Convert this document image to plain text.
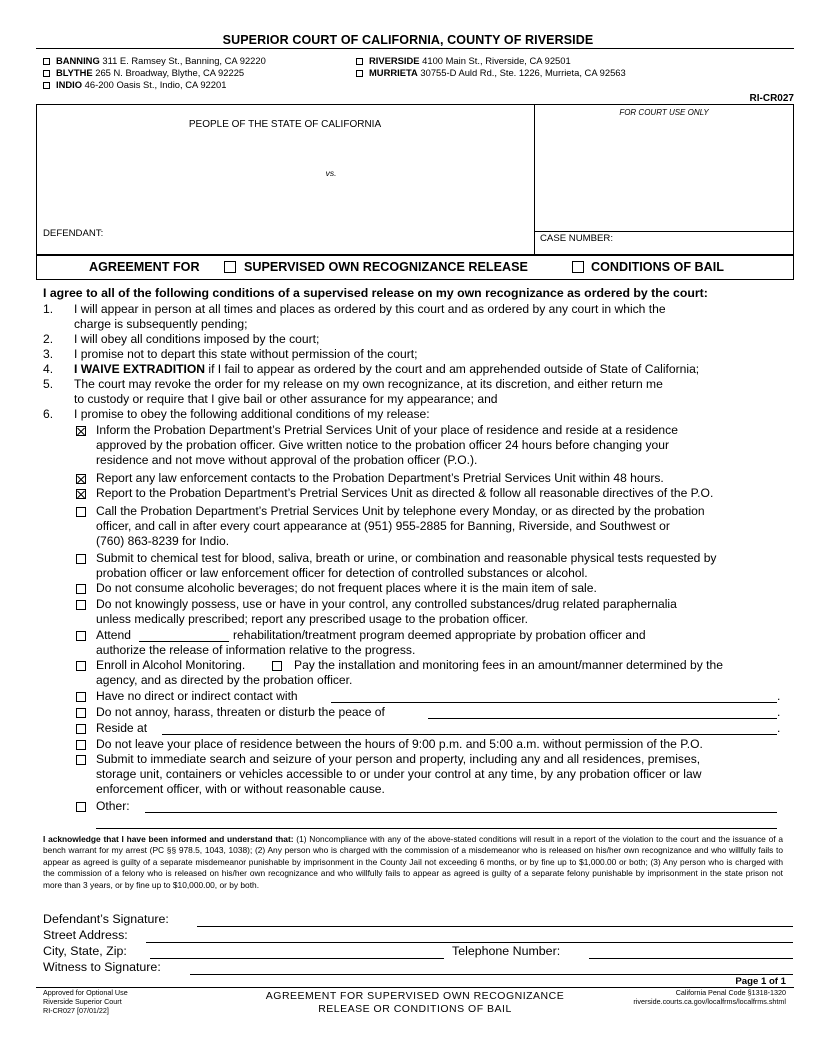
SUPERIOR COURT OF CALIFORNIA, COUNTY OF RIVERSIDE
BANNING 311 E. Ramsey St., Banning, CA 92220
BLYTHE 265 N. Broadway, Blythe, CA 92225
INDIO 46-200 Oasis St., Indio, CA 92201
RIVERSIDE 4100 Main St., Riverside, CA 92501
MURRIETA 30755-D Auld Rd., Ste. 1226, Murrieta, CA 92563
RI-CR027
PEOPLE OF THE STATE OF CALIFORNIA
vs.
DEFENDANT:
FOR COURT USE ONLY
CASE NUMBER:
AGREEMENT FOR	SUPERVISED OWN RECOGNIZANCE RELEASE	CONDITIONS OF BAIL
I agree to all of the following conditions of a supervised release on my own recognizance as ordered by the court:
1. I will appear in person at all times and places as ordered by this court and as ordered by any court in which the
charge is subsequently pending;
2. I will obey all conditions imposed by the court;
3. I promise not to depart this state without permission of the court;
4. I WAIVE EXTRADITION if I fail to appear as ordered by the court and am apprehended outside of State of California;
5. The court may revoke the order for my release on my own recognizance, at its discretion, and either return me
to custody or require that I give bail or other assurance for my appearance; and
6. I promise to obey the following additional conditions of my release:
Inform the Probation Department’s Pretrial Services Unit of your place of residence and reside at a residence
approved by the probation officer. Give written notice to the probation officer 24 hours before changing your
residence and not move without approval of the probation officer (P.O.).
Report any law enforcement contacts to the Probation Department’s Pretrial Services Unit within 48 hours.
Report to the Probation Department’s Pretrial Services Unit as directed & follow all reasonable directives of the P.O.
Call the Probation Department’s Pretrial Services Unit by telephone every Monday, or as directed by the probation
officer, and call in after every court appearance at (951) 955-2885 for Banning, Riverside, and Southwest or
(760) 863-8239 for Indio.
Submit to chemical test for blood, saliva, breath or urine, or combination and reasonable physical tests requested by
probation officer or law enforcement officer for detection of controlled substances or alcohol.
Do not consume alcoholic beverages; do not frequent places where it is the main item of sale.
Do not knowingly possess, use or have in your control, any controlled substances/drug related paraphernalia
unless medically prescribed; report any prescribed usage to the probation officer.
Attend	rehabilitation/treatment program deemed appropriate by probation officer and
authorize the release of information relative to the progress.
Enroll in Alcohol Monitoring.	Pay the installation and monitoring fees in an amount/manner determined by the
agency, and as directed by the probation officer.
Have no direct or indirect contact with	.
Do not annoy, harass, threaten or disturb the peace of	.
Reside at	.
Do not leave your place of residence between the hours of 9:00 p.m. and 5:00 a.m. without permission of the P.O.
Submit to immediate search and seizure of your person and property, including any and all residences, premises,
storage unit, containers or vehicles accessible to or under your control at any time, by any probation officer or law
enforcement officer, with or without reasonable cause.
Other:
I acknowledge that I have been informed and understand that: (1) Noncompliance with any of the above-stated conditions will result in a report of the violation to the court and the issuance of a bench warrant for my arrest (PC §§ 978.5, 1043, 1038); (2) Any person who is charged with the commission of a misdemeanor who is released on his/her own recognizance and who willfully fails to appear as agreed is guilty of a separate misdemeanor punishable by imprisonment in the County Jail not exceeding 6 months, or by fine up to $1,000.00 or both; (3) Any person who is charged with the commission of a felony who is released on his/her own recognizance and who willfully fails to appear as agreed is guilty of a separate felony punishable by imprisonment in the state prison not more than 3 years, or by fine up to $10,000.00, or by both.
Defendant’s Signature:
Street Address:
City, State, Zip:	Telephone Number:
Witness to Signature:
Page 1 of 1
Approved for Optional Use
Riverside Superior Court
RI-CR027 [07/01/22]
AGREEMENT FOR SUPERVISED OWN RECOGNIZANCE
RELEASE OR CONDITIONS OF BAIL
California Penal Code §1318-1320
riverside.courts.ca.gov/localfrms/localfrms.shtml
